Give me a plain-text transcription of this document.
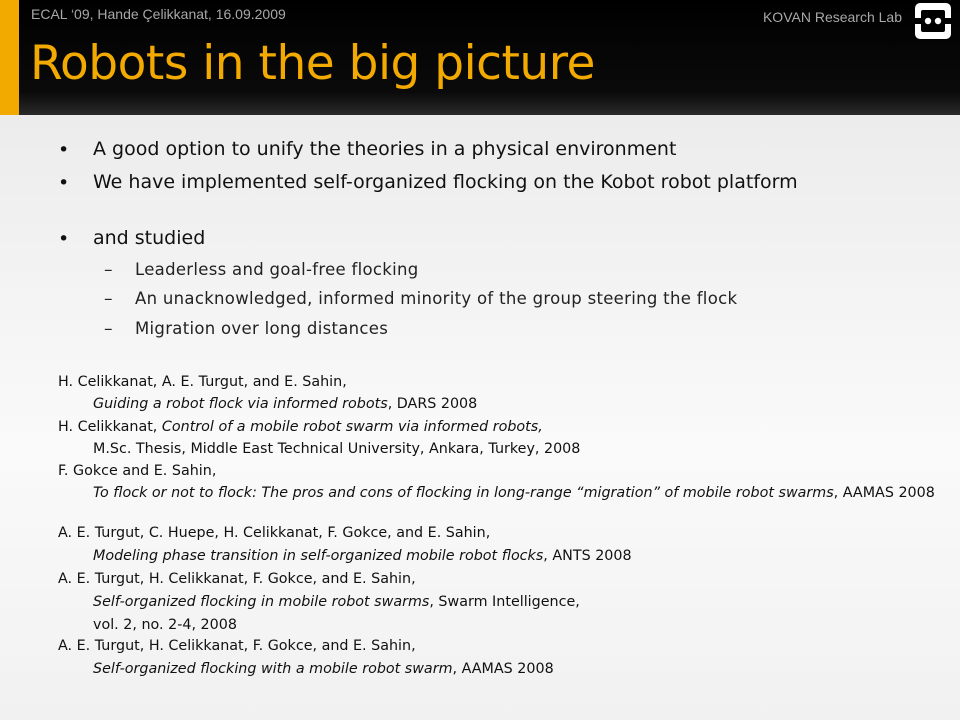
ECAL ‘09, Hande Çelikkanat, 16.09.2009	KOVAN Research Lab
Robots in the big picture
• A good option to unify the theories in a physical environment
• We have implemented self-organized flocking on the Kobot robot platform
• and studied
– Leaderless and goal-free flocking
– An unacknowledged, informed minority of the group steering the flock
– Migration over long distances
H. Celikkanat, A. E. Turgut, and E. Sahin,
Guiding a robot flock via informed robots, DARS 2008
H. Celikkanat, Control of a mobile robot swarm via informed robots,
M.Sc. Thesis, Middle East Technical University, Ankara, Turkey, 2008
F. Gokce and E. Sahin,
To flock or not to flock: The pros and cons of flocking in long-range “migration” of mobile robot swarms, AAMAS 2008
A. E. Turgut, C. Huepe, H. Celikkanat, F. Gokce, and E. Sahin,
Modeling phase transition in self-organized mobile robot flocks, ANTS 2008
A. E. Turgut, H. Celikkanat, F. Gokce, and E. Sahin,
Self-organized flocking in mobile robot swarms, Swarm Intelligence,
vol. 2, no. 2-4, 2008
A. E. Turgut, H. Celikkanat, F. Gokce, and E. Sahin,
Self-organized flocking with a mobile robot swarm, AAMAS 2008
